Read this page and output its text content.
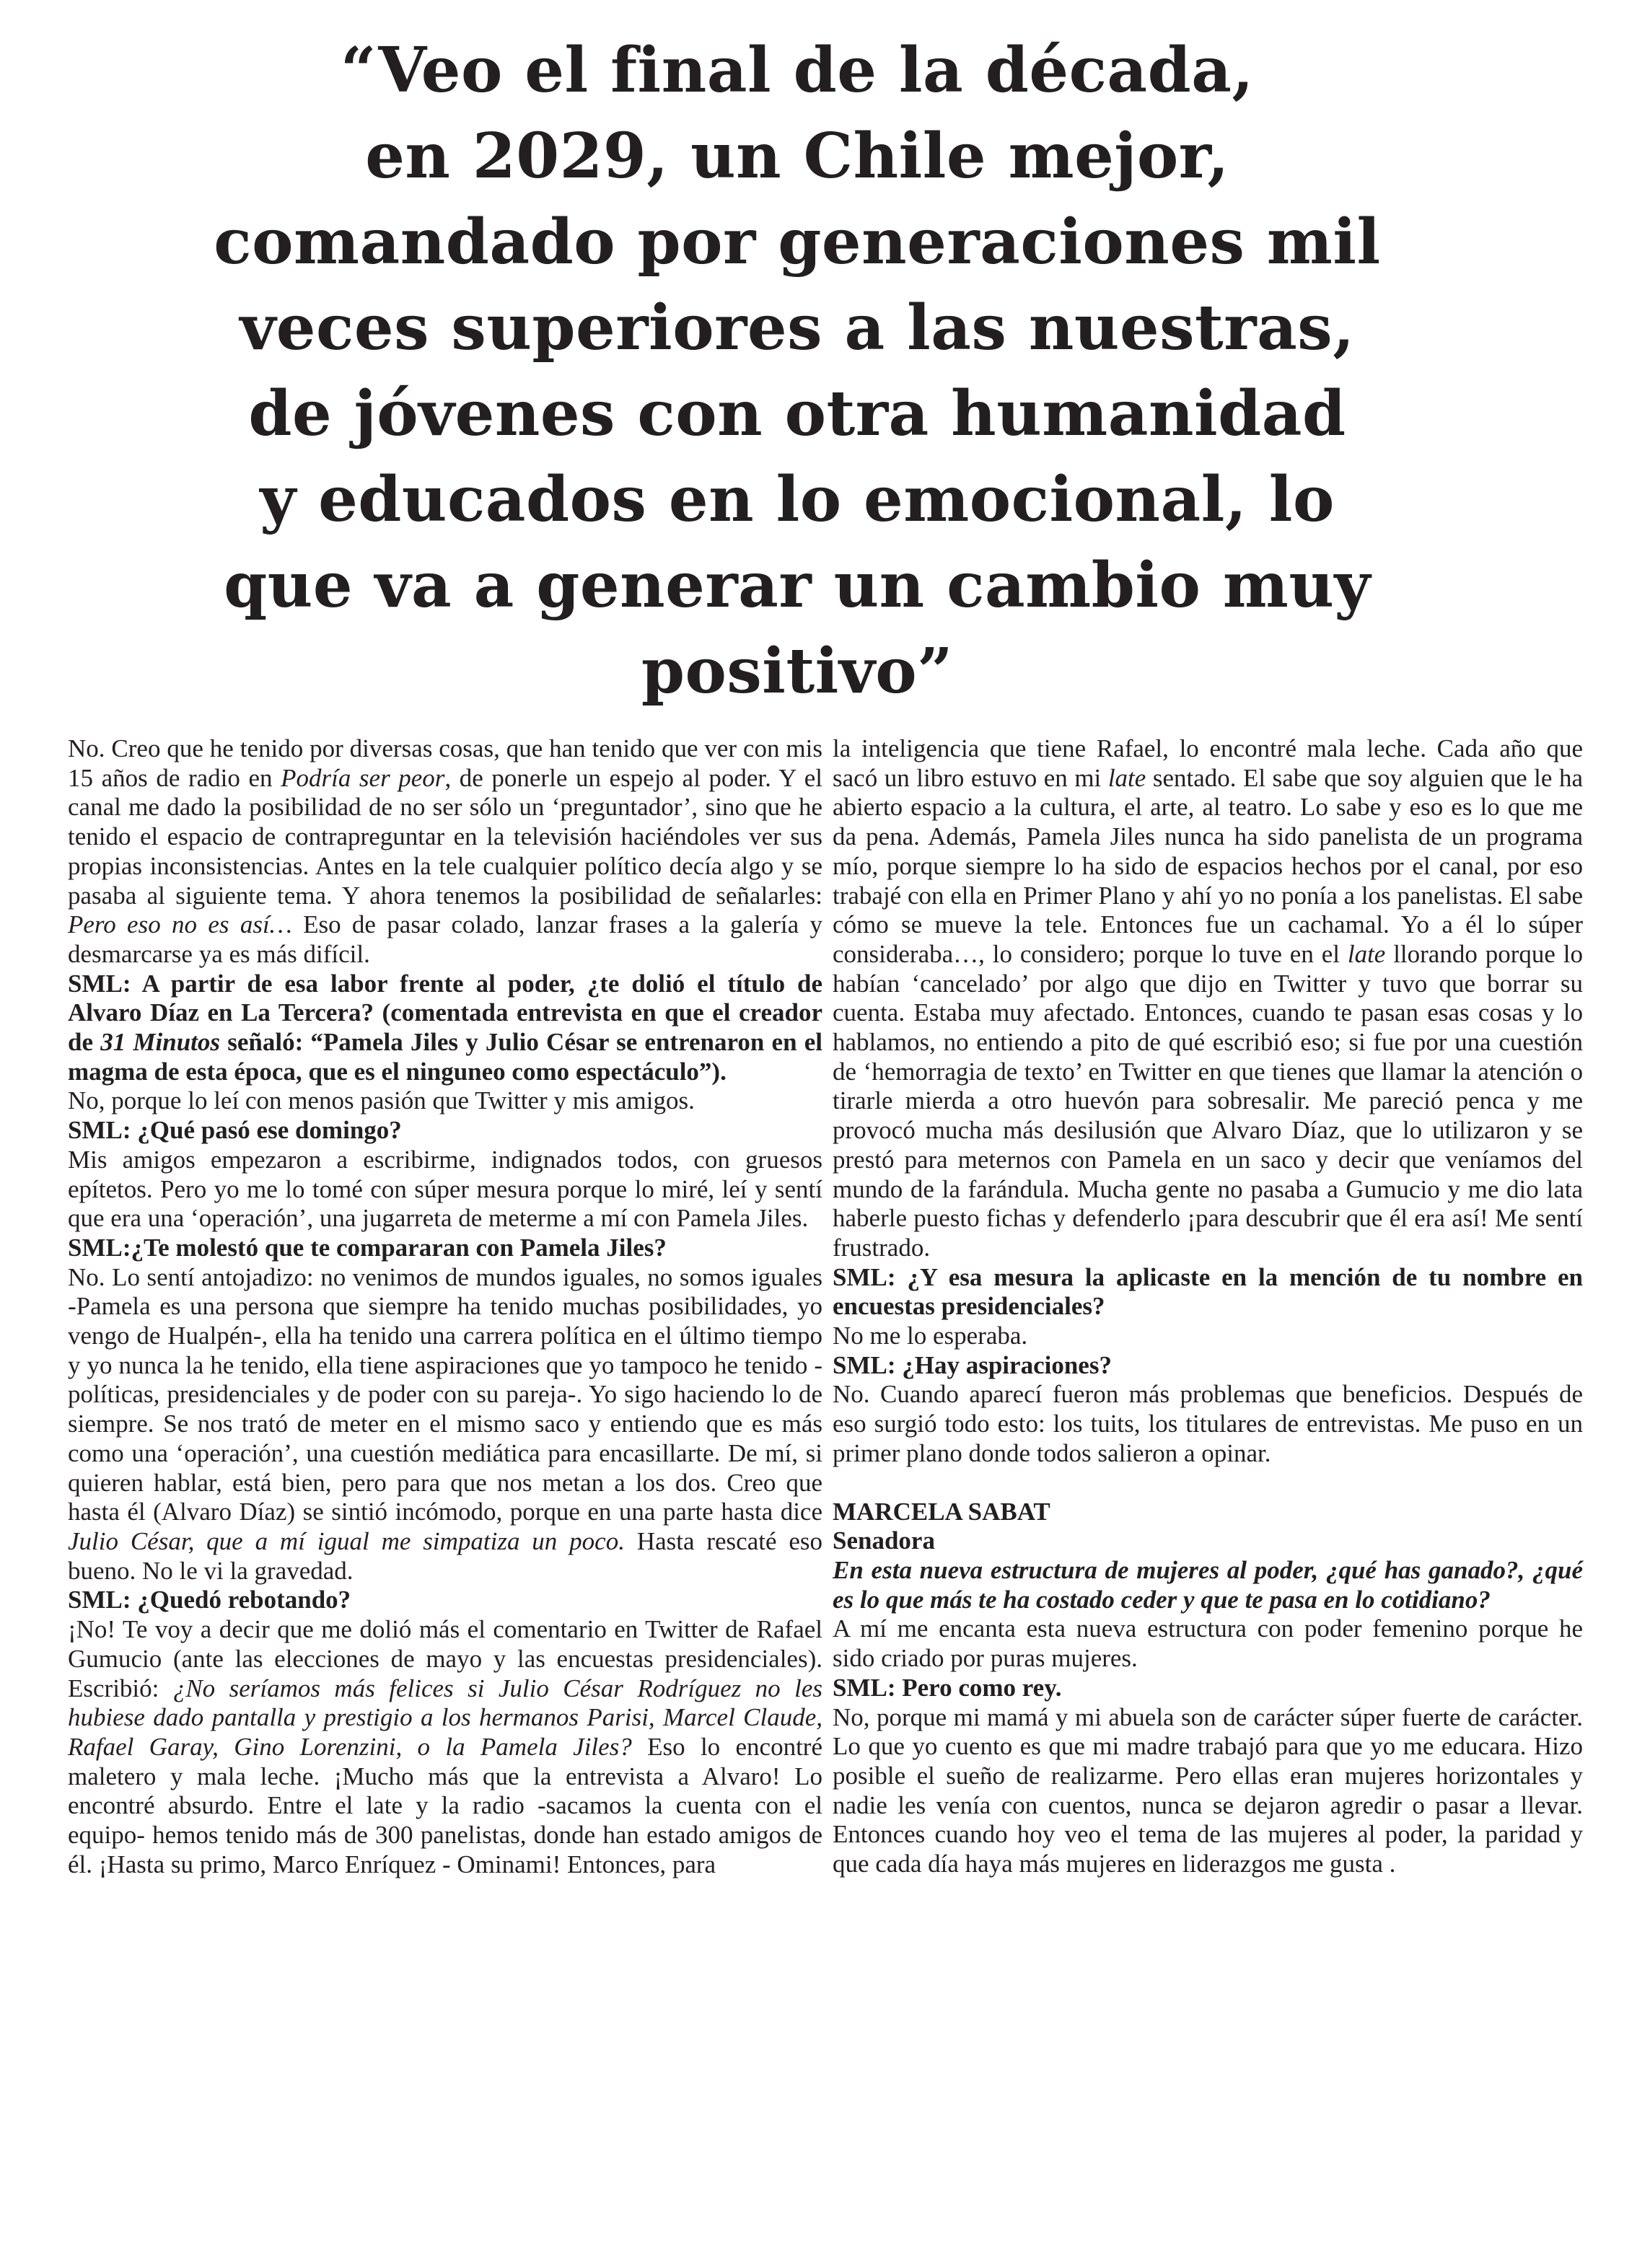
“Veo el final de la década,
en 2029, un Chile mejor,
comandado por generaciones mil
veces superiores a las nuestras,
de jóvenes con otra humanidad
y educados en lo emocional, lo
que va a generar un cambio muy
positivo”

No. Creo que he tenido por diversas cosas, que han tenido que ver con mis 15 años de radio en Podría ser peor, de ponerle un espejo al poder. Y el canal me dado la posibilidad de no ser sólo un ‘preguntador’, sino que he tenido el espacio de contrapreguntar en la televisión haciéndoles ver sus propias inconsistencias. Antes en la tele cualquier político decía algo y se pasaba al siguiente tema. Y ahora tenemos la posibilidad de señalarles: Pero eso no es así… Eso de pasar colado, lanzar frases a la galería y desmarcarse ya es más difícil.

SML: A partir de esa labor frente al poder, ¿te dolió el título de Alvaro Díaz en La Tercera? (comentada entrevista en que el creador de 31 Minutos señaló: “Pamela Jiles y Julio César se entrenaron en el magma de esta época, que es el ninguneo como espectáculo”).

No, porque lo leí con menos pasión que Twitter y mis amigos.

SML: ¿Qué pasó ese domingo?

Mis amigos empezaron a escribirme, indignados todos, con gruesos epítetos. Pero yo me lo tomé con súper mesura porque lo miré, leí y sentí que era una ‘operación’, una jugarreta de meterme a mí con Pamela Jiles.

SML:¿Te molestó que te compararan con Pamela Jiles?

No. Lo sentí antojadizo: no venimos de mundos iguales, no somos iguales -Pamela es una persona que siempre ha tenido muchas posibilidades, yo vengo de Hualpén-, ella ha tenido una carrera política en el último tiempo y yo nunca la he tenido, ella tiene aspiraciones que yo tampoco he tenido -políticas, presidenciales y de poder con su pareja-. Yo sigo haciendo lo de siempre. Se nos trató de meter en el mismo saco y entiendo que es más como una ‘operación’, una cuestión mediática para encasillarte. De mí, si quieren hablar, está bien, pero para que nos metan a los dos. Creo que hasta él (Alvaro Díaz) se sintió incómodo, porque en una parte hasta dice Julio César, que a mí igual me simpatiza un poco. Hasta rescaté eso bueno. No le vi la gravedad.

SML: ¿Quedó rebotando?

¡No! Te voy a decir que me dolió más el comentario en Twitter de Rafael Gumucio (ante las elecciones de mayo y las encuestas presidenciales). Escribió: ¿No seríamos más felices si Julio César Rodríguez no les hubiese dado pantalla y prestigio a los hermanos Parisi, Marcel Claude, Rafael Garay, Gino Lorenzini, o la Pamela Jiles? Eso lo encontré maletero y mala leche. ¡Mucho más que la entrevista a Alvaro! Lo encontré absurdo. Entre el late y la radio -sacamos la cuenta con el equipo- hemos tenido más de 300 panelistas, donde han estado amigos de él. ¡Hasta su primo, Marco Enríquez - Ominami! Entonces, para

la inteligencia que tiene Rafael, lo encontré mala leche. Cada año que sacó un libro estuvo en mi late sentado. El sabe que soy alguien que le ha abierto espacio a la cultura, el arte, al teatro. Lo sabe y eso es lo que me da pena. Además, Pamela Jiles nunca ha sido panelista de un programa mío, porque siempre lo ha sido de espacios hechos por el canal, por eso trabajé con ella en Primer Plano y ahí yo no ponía a los panelistas. El sabe cómo se mueve la tele. Entonces fue un cachamal. Yo a él lo súper consideraba…, lo considero; porque lo tuve en el late llorando porque lo habían ‘cancelado’ por algo que dijo en Twitter y tuvo que borrar su cuenta. Estaba muy afectado. Entonces, cuando te pasan esas cosas y lo hablamos, no entiendo a pito de qué escribió eso; si fue por una cuestión de ‘hemorragia de texto’ en Twitter en que tienes que llamar la atención o tirarle mierda a otro huevón para sobresalir. Me pareció penca y me provocó mucha más desilusión que Alvaro Díaz, que lo utilizaron y se prestó para meternos con Pamela en un saco y decir que veníamos del mundo de la farándula. Mucha gente no pasaba a Gumucio y me dio lata haberle puesto fichas y defenderlo ¡para descubrir que él era así! Me sentí frustrado.

SML: ¿Y esa mesura la aplicaste en la mención de tu nombre en encuestas presidenciales?

No me lo esperaba.

SML: ¿Hay aspiraciones?

No. Cuando aparecí fueron más problemas que beneficios. Después de eso surgió todo esto: los tuits, los titulares de entrevistas. Me puso en un primer plano donde todos salieron a opinar.

MARCELA SABAT

Senadora

En esta nueva estructura de mujeres al poder, ¿qué has ganado?, ¿qué es lo que más te ha costado ceder y que te pasa en lo cotidiano?

A mí me encanta esta nueva estructura con poder femenino porque he sido criado por puras mujeres.

SML: Pero como rey.

No, porque mi mamá y mi abuela son de carácter súper fuerte de carácter. Lo que yo cuento es que mi madre trabajó para que yo me educara. Hizo posible el sueño de realizarme. Pero ellas eran mujeres horizontales y nadie les venía con cuentos, nunca se dejaron agredir o pasar a llevar. Entonces cuando hoy veo el tema de las mujeres al poder, la paridad y que cada día haya más mujeres en liderazgos me gusta .
